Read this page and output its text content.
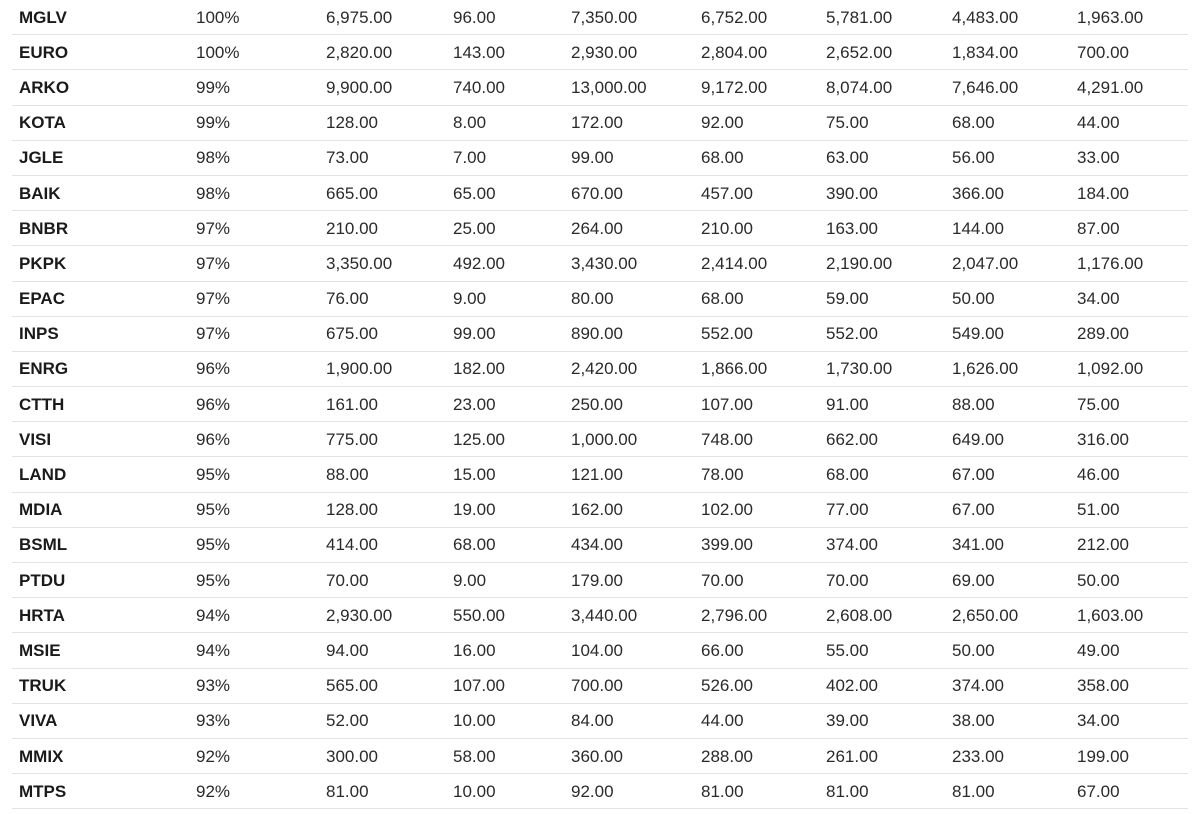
MGLV	100%	6,975.00	96.00	7,350.00	6,752.00	5,781.00	4,483.00	1,963.00
EURO	100%	2,820.00	143.00	2,930.00	2,804.00	2,652.00	1,834.00	700.00
ARKO	99%	9,900.00	740.00	13,000.00	9,172.00	8,074.00	7,646.00	4,291.00
KOTA	99%	128.00	8.00	172.00	92.00	75.00	68.00	44.00
JGLE	98%	73.00	7.00	99.00	68.00	63.00	56.00	33.00
BAIK	98%	665.00	65.00	670.00	457.00	390.00	366.00	184.00
BNBR	97%	210.00	25.00	264.00	210.00	163.00	144.00	87.00
PKPK	97%	3,350.00	492.00	3,430.00	2,414.00	2,190.00	2,047.00	1,176.00
EPAC	97%	76.00	9.00	80.00	68.00	59.00	50.00	34.00
INPS	97%	675.00	99.00	890.00	552.00	552.00	549.00	289.00
ENRG	96%	1,900.00	182.00	2,420.00	1,866.00	1,730.00	1,626.00	1,092.00
CTTH	96%	161.00	23.00	250.00	107.00	91.00	88.00	75.00
VISI	96%	775.00	125.00	1,000.00	748.00	662.00	649.00	316.00
LAND	95%	88.00	15.00	121.00	78.00	68.00	67.00	46.00
MDIA	95%	128.00	19.00	162.00	102.00	77.00	67.00	51.00
BSML	95%	414.00	68.00	434.00	399.00	374.00	341.00	212.00
PTDU	95%	70.00	9.00	179.00	70.00	70.00	69.00	50.00
HRTA	94%	2,930.00	550.00	3,440.00	2,796.00	2,608.00	2,650.00	1,603.00
MSIE	94%	94.00	16.00	104.00	66.00	55.00	50.00	49.00
TRUK	93%	565.00	107.00	700.00	526.00	402.00	374.00	358.00
VIVA	93%	52.00	10.00	84.00	44.00	39.00	38.00	34.00
MMIX	92%	300.00	58.00	360.00	288.00	261.00	233.00	199.00
MTPS	92%	81.00	10.00	92.00	81.00	81.00	81.00	67.00
